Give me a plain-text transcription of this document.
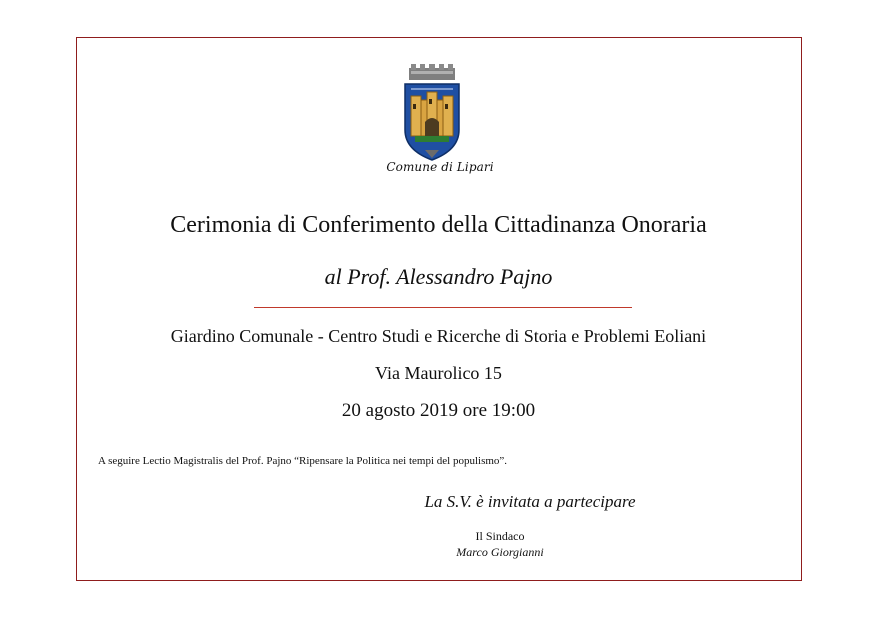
Comune di Lipari
Cerimonia di Conferimento della Cittadinanza Onoraria
al Prof. Alessandro Pajno
Giardino Comunale - Centro Studi e Ricerche di Storia e Problemi Eoliani
Via Maurolico 15
20 agosto 2019 ore 19:00
A seguire Lectio Magistralis del Prof. Pajno “Ripensare la Politica nei tempi del populismo”.
La S.V. è invitata a partecipare
Il Sindaco
Marco Giorgianni
